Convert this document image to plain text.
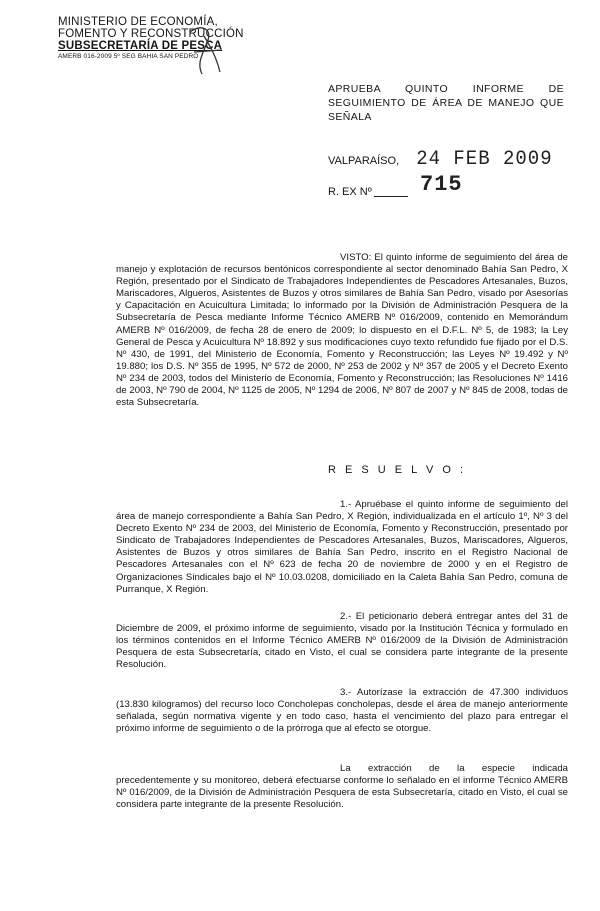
MINISTERIO DE ECONOMÍA,
FOMENTO Y RECONSTRUCCIÓN
SUBSECRETARÍA DE PESCA
AMERB 016-2009 5º SEG BAHIA SAN PEDRO
APRUEBA QUINTO INFORME DE SEGUIMIENTO DE ÁREA DE MANEJO QUE SEÑALA
VALPARAÍSO, 24 FEB 2009
R. EX Nº 715

VISTO: El quinto informe de seguimiento del área de manejo y explotación de recursos bentónicos correspondiente al sector denominado Bahía San Pedro, X Región, presentado por el Sindicato de Trabajadores Independientes de Pescadores Artesanales, Buzos, Mariscadores, Algueros, Asistentes de Buzos y otros similares de Bahía San Pedro, visado por Asesorías y Capacitación en Acuicultura Limitada; lo informado por la División de Administración Pesquera de la Subsecretaría de Pesca mediante Informe Técnico AMERB Nº 016/2009, contenido en Memorándum AMERB Nº 016/2009, de fecha 28 de enero de 2009; lo dispuesto en el D.F.L. Nº 5, de 1983; la Ley General de Pesca y Acuicultura Nº 18.892 y sus modificaciones cuyo texto refundido fue fijado por el D.S. Nº 430, de 1991, del Ministerio de Economía, Fomento y Reconstrucción; las Leyes Nº 19.492 y Nº 19.880; los D.S. Nº 355 de 1995, Nº 572 de 2000, Nº 253 de 2002 y Nº 357 de 2005 y el Decreto Exento Nº 234 de 2003, todos del Ministerio de Economía, Fomento y Reconstrucción; las Resoluciones Nº 1416 de 2003, Nº 790 de 2004, Nº 1125 de 2005, Nº 1294 de 2006, Nº 807 de 2007 y Nº 845 de 2008, todas de esta Subsecretaría.

R E S U E L V O :

1.- Apruébase el quinto informe de seguimiento del área de manejo correspondiente a Bahía San Pedro, X Región, individualizada en el artículo 1º, Nº 3 del Decreto Exento Nº 234 de 2003, del Ministerio de Economía, Fomento y Reconstrucción, presentado por Sindicato de Trabajadores Independientes de Pescadores Artesanales, Buzos, Mariscadores, Algueros, Asistentes de Buzos y otros similares de Bahía San Pedro, inscrito en el Registro Nacional de Pescadores Artesanales con el Nº 623 de fecha 20 de noviembre de 2000 y en el Registro de Organizaciones Sindicales bajo el Nº 10.03.0208, domiciliado en la Caleta Bahía San Pedro, comuna de Purranque, X Región.

2.- El peticionario deberá entregar antes del 31 de Diciembre de 2009, el próximo informe de seguimiento, visado por la Institución Técnica y formulado en los términos contenidos en el Informe Técnico AMERB Nº 016/2009 de la División de Administración Pesquera de esta Subsecretaría, citado en Visto, el cual se considera parte integrante de la presente Resolución.

3.- Autorízase la extracción de 47.300 individuos (13.830 kilogramos) del recurso loco Concholepas concholepas, desde el área de manejo anteriormente señalada, según normativa vigente y en todo caso, hasta el vencimiento del plazo para entregar el próximo informe de seguimiento o de la prórroga que al efecto se otorgue.

La extracción de la especie indicada precedentemente y su monitoreo, deberá efectuarse conforme lo señalado en el informe Técnico AMERB Nº 016/2009, de la División de Administración Pesquera de esta Subsecretaría, citado en Visto, el cual se considera parte integrante de la presente Resolución.
